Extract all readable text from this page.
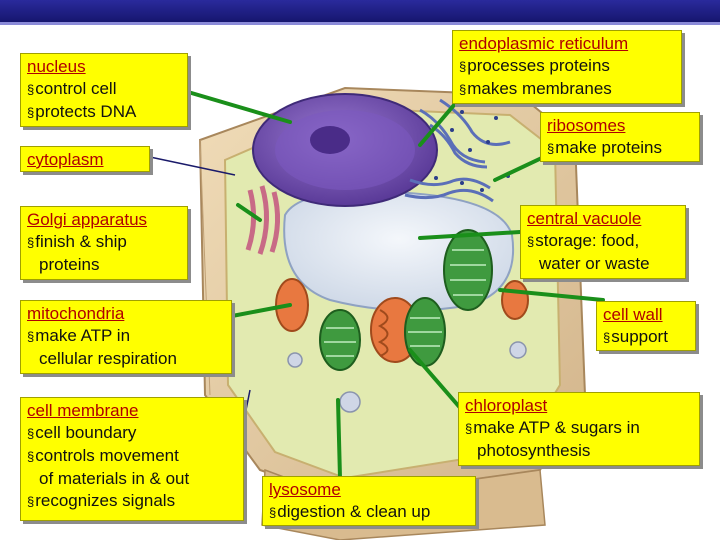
nucleus
§control cell
§protects DNA
cytoplasm
Golgi apparatus
§finish & ship
proteins
mitochondria
§make ATP in
cellular respiration
cell membrane
§cell boundary
§controls movement
of materials in & out
§recognizes signals
endoplasmic reticulum
§processes proteins
§makes membranes
ribosomes
§make proteins
central vacuole
§storage: food,
water or waste
cell wall
§support
chloroplast
§make ATP & sugars in
photosynthesis
lysosome
§digestion & clean up
